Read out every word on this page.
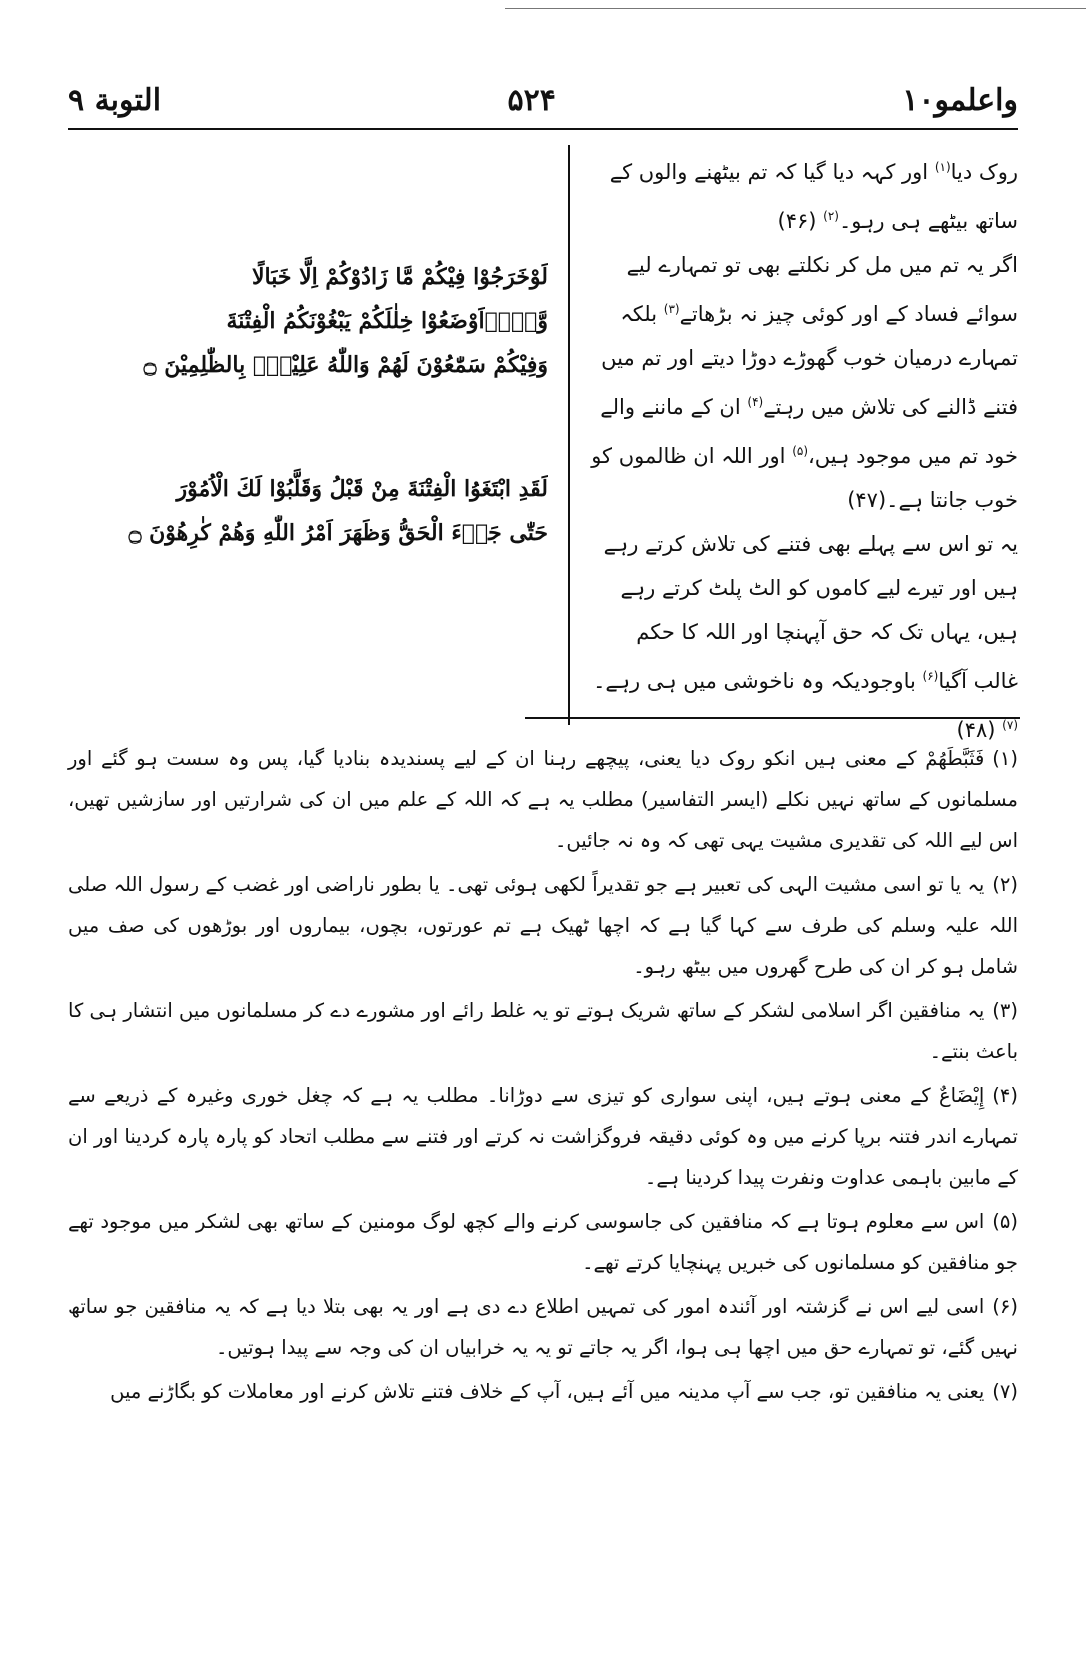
التوبة ۹	۵۲۴	واعلمو۱۰

روک دیا$^{(۱)}$ اور کہہ دیا گیا کہ تم بیٹھنے والوں کے ساتھ بیٹھے ہی رہو۔$^{(۲)}$ (۴۶)

اگر یہ تم میں مل کر نکلتے بھی تو تمہارے لیے سوائے فساد کے اور کوئی چیز نہ بڑھاتے$^{(۳)}$ بلکہ تمہارے درمیان خوب گھوڑے دوڑا دیتے اور تم میں فتنے ڈالنے کی تلاش میں رہتے$^{(۴)}$ ان کے ماننے والے خود تم میں موجود ہیں،$^{(۵)}$ اور اللہ ان ظالموں کو خوب جانتا ہے۔(۴۷)

یہ تو اس سے پہلے بھی فتنے کی تلاش کرتے رہے ہیں اور تیرے لیے کاموں کو الٹ پلٹ کرتے رہے ہیں، یہاں تک کہ حق آپہنچا اور اللہ کا حکم غالب آگیا$^{(۶)}$ باوجودیکہ وہ ناخوشی میں ہی رہے۔$^{(۷)}$ (۴۸)

لَوْخَرَجُوْا فِيْكُمْ مَّا زَادُوْكُمْ اِلَّا خَبَالًا
وَّلَاۡاَوْضَعُوْا خِلٰلَكُمْ يَبْغُوْنَكُمُ الْفِتْنَةَ
وَفِيْكُمْ سَمّٰعُوْنَ لَهُمْ وَاللّٰهُ عَلِيْمٌۢ بِالظّٰلِمِيْنَ ۝
لَقَدِ ابْتَغَوُا الْفِتْنَةَ مِنْ قَبْلُ وَقَلَّبُوْا لَكَ الْاُمُوْرَ
حَتّٰى جَاۤءَ الْحَقُّ وَظَهَرَ اَمْرُ اللّٰهِ وَهُمْ كٰرِهُوْنَ ۝

(۱)فَثَبَّطَهُمْ کے معنی ہیں انکو روک دیا یعنی، پیچھے رہنا ان کے لیے پسندیدہ بنادیا گیا، پس وہ سست ہو گئے اور مسلمانوں کے ساتھ نہیں نکلے (ایسر التفاسیر) مطلب یہ ہے کہ اللہ کے علم میں ان کی شرارتیں اور سازشیں تھیں، اس لیے اللہ کی تقدیری مشیت یہی تھی کہ وہ نہ جائیں۔

(۲)یہ یا تو اسی مشیت الہی کی تعبیر ہے جو تقدیراً لکھی ہوئی تھی۔ یا بطور ناراضی اور غضب کے رسول اللہ صلی اللہ علیہ وسلم کی طرف سے کہا گیا ہے کہ اچھا ٹھیک ہے تم عورتوں، بچوں، بیماروں اور بوڑھوں کی صف میں شامل ہو کر ان کی طرح گھروں میں بیٹھ رہو۔

(۳)یہ منافقین اگر اسلامی لشکر کے ساتھ شریک ہوتے تو یہ غلط رائے اور مشورے دے کر مسلمانوں میں انتشار ہی کا باعث بنتے۔

(۴)إِيْضَاعٌ کے معنی ہوتے ہیں، اپنی سواری کو تیزی سے دوڑانا۔ مطلب یہ ہے کہ چغل خوری وغیرہ کے ذریعے سے تمہارے اندر فتنہ برپا کرنے میں وہ کوئی دقیقہ فروگزاشت نہ کرتے اور فتنے سے مطلب اتحاد کو پارہ پارہ کردینا اور ان کے مابین باہمی عداوت ونفرت پیدا کردینا ہے۔

(۵)اس سے معلوم ہوتا ہے کہ منافقین کی جاسوسی کرنے والے کچھ لوگ مومنین کے ساتھ بھی لشکر میں موجود تھے جو منافقین کو مسلمانوں کی خبریں پہنچایا کرتے تھے۔

(۶)اسی لیے اس نے گزشتہ اور آئندہ امور کی تمہیں اطلاع دے دی ہے اور یہ بھی بتلا دیا ہے کہ یہ منافقین جو ساتھ نہیں گئے، تو تمہارے حق میں اچھا ہی ہوا، اگر یہ جاتے تو یہ یہ خرابیاں ان کی وجہ سے پیدا ہوتیں۔

(۷)یعنی یہ منافقین تو، جب سے آپ مدینہ میں آئے ہیں، آپ کے خلاف فتنے تلاش کرنے اور معاملات کو بگاڑنے میں
